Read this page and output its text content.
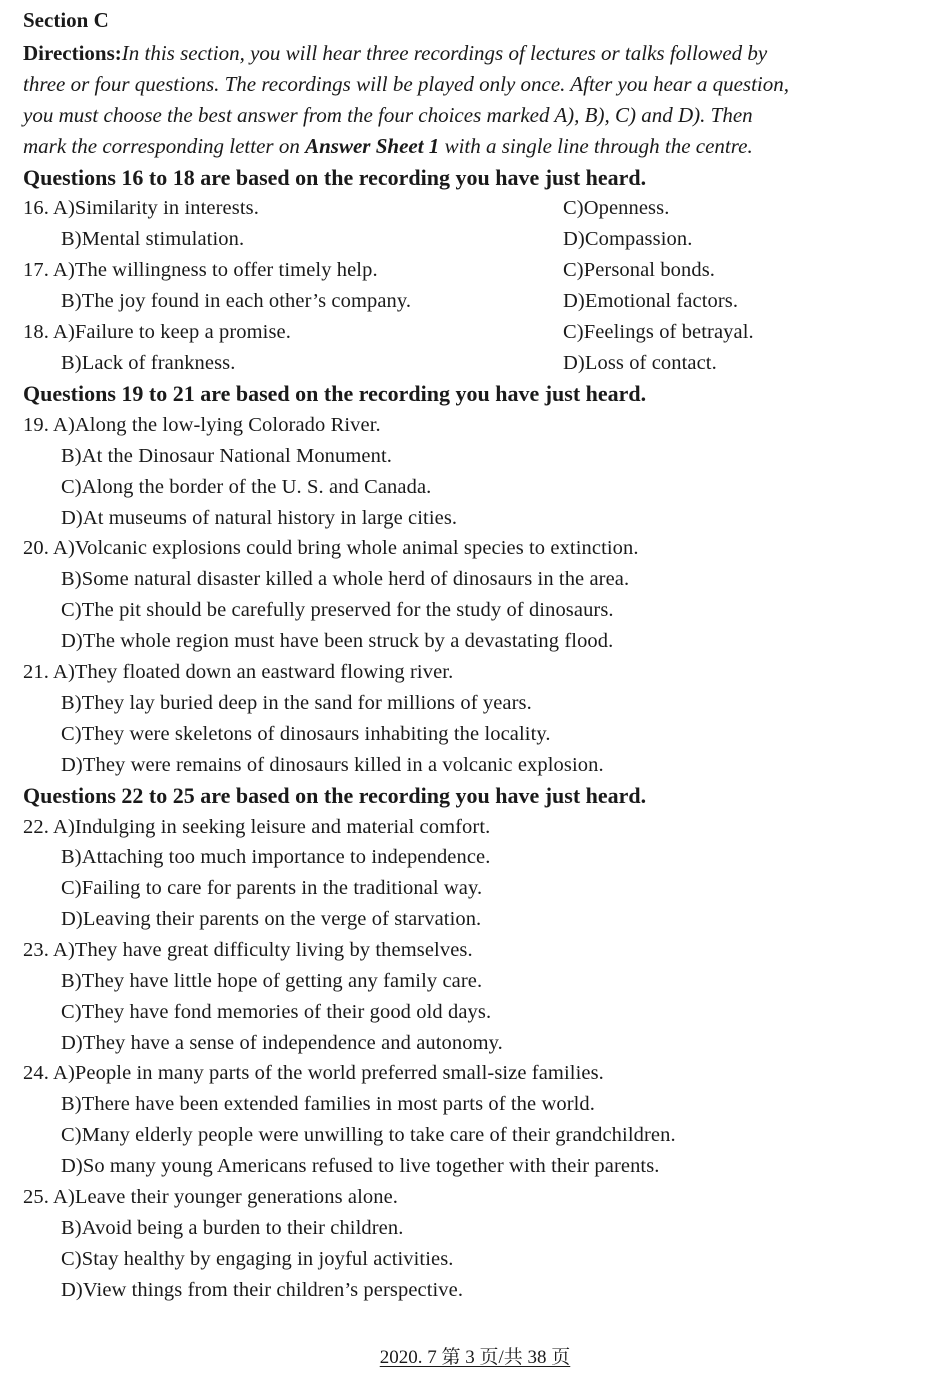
Section C
Directions:In this section, you will hear three recordings of lectures or talks followed by
three or four questions. The recordings will be played only once. After you hear a question,
you must choose the best answer from the four choices marked A), B), C) and D). Then
mark the corresponding letter on Answer Sheet 1 with a single line through the centre.
Questions 16 to 18 are based on the recording you have just heard.
16. A)Similarity in interests.	C)Openness.
B)Mental stimulation.	D)Compassion.
17. A)The willingness to offer timely help.	C)Personal bonds.
B)The joy found in each other’s company.	D)Emotional factors.
18. A)Failure to keep a promise.	C)Feelings of betrayal.
B)Lack of frankness.	D)Loss of contact.
Questions 19 to 21 are based on the recording you have just heard.
19. A)Along the low-lying Colorado River.
B)At the Dinosaur National Monument.
C)Along the border of the U. S. and Canada.
D)At museums of natural history in large cities.
20. A)Volcanic explosions could bring whole animal species to extinction.
B)Some natural disaster killed a whole herd of dinosaurs in the area.
C)The pit should be carefully preserved for the study of dinosaurs.
D)The whole region must have been struck by a devastating flood.
21. A)They floated down an eastward flowing river.
B)They lay buried deep in the sand for millions of years.
C)They were skeletons of dinosaurs inhabiting the locality.
D)They were remains of dinosaurs killed in a volcanic explosion.
Questions 22 to 25 are based on the recording you have just heard.
22. A)Indulging in seeking leisure and material comfort.
B)Attaching too much importance to independence.
C)Failing to care for parents in the traditional way.
D)Leaving their parents on the verge of starvation.
23. A)They have great difficulty living by themselves.
B)They have little hope of getting any family care.
C)They have fond memories of their good old days.
D)They have a sense of independence and autonomy.
24. A)People in many parts of the world preferred small-size families.
B)There have been extended families in most parts of the world.
C)Many elderly people were unwilling to take care of their grandchildren.
D)So many young Americans refused to live together with their parents.
25. A)Leave their younger generations alone.
B)Avoid being a burden to their children.
C)Stay healthy by engaging in joyful activities.
D)View things from their children’s perspective.
2020. 7 第 3 页/共 38 页
